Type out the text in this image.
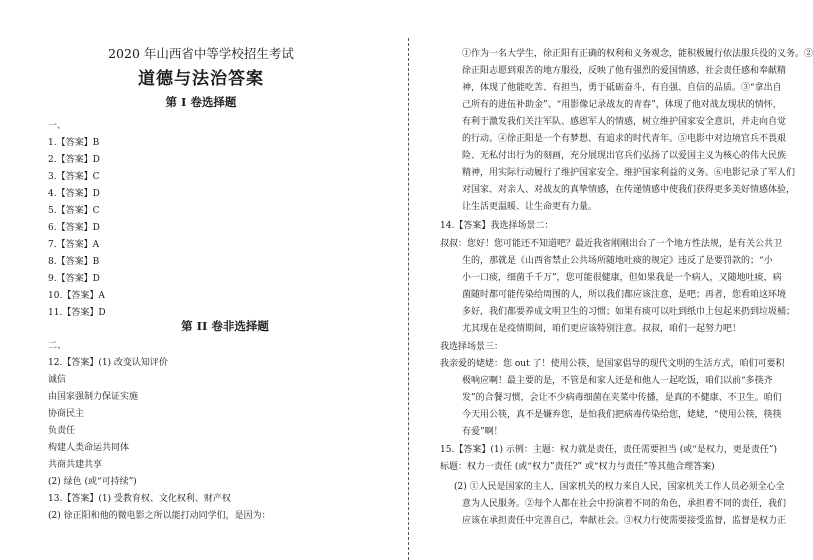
2020 年山西省中等学校招生考试
道德与法治答案
第 I 卷选择题
一、
1.【答案】B
2.【答案】D
3.【答案】C
4.【答案】D
5.【答案】C
6.【答案】D
7.【答案】A
8.【答案】B
9.【答案】D
10.【答案】A
11.【答案】D
第 II 卷非选择题
二、
12.【答案】(1) 改变认知评价
诚信
由国家强制力保证实施
协商民主
负责任
构建人类命运共同体
共商共建共享
(2) 绿色 (或“可持续”)
13.【答案】(1) 受教育权、文化权利、财产权
(2) 徐正阳和他的微电影之所以能打动同学们，是因为：
①作为一名大学生，徐正阳有正确的权利和义务观念，能积极履行依法服兵役的义务。②
徐正阳志愿到艰苦的地方服役，反映了他有强烈的爱国情感、社会责任感和奉献精
神，体现了他能吃苦、有担当，勇于砥砺奋斗，有自强、自信的品质。③“拿出自
己所有的进伍补助金”、“用影像记录战友的青春”，体现了他对战友现状的情怀，
有利于激发我们关注军队、感恩军人的情感，树立维护国家安全意识，并走向自觉
的行动。④徐正阳是一个有梦想、有追求的时代青年。⑤电影中对边境官兵不畏艰
险、无私付出行为的刻画，充分展现出官兵们弘扬了以爱国主义为核心的伟大民族
精神，用实际行动履行了维护国家安全、维护国家利益的义务。⑥电影记录了军人们
对国家、对亲人、对战友的真挚情感，在传递情感中使我们获得更多美好情感体验，
让生活更温暖、让生命更有力量。
14.【答案】我选择场景二：
叔叔：您好！您可能还不知道吧？最近我省刚刚出台了一个地方性法规，是有关公共卫
生的，那就是《山西省禁止公共场所随地吐痰的规定》违反了是要罚款的；“小
小一口痰，细菌千千万”，您可能很健康，但如果我是一个病人，又随地吐痰，病
菌随时都可能传染给周围的人，所以我们都应该注意，是吧；再者，您看咱这环境
多好，我们都要养成文明卫生的习惯；如果有痰可以吐到纸巾上包起来扔到垃圾桶；
尤其现在是疫情期间，咱们更应该特别注意。叔叔，咱们一起努力吧！
我选择场景三：
我亲爱的姥姥：您 out 了！使用公筷，是国家倡导的现代文明的生活方式，咱们可要积
极响应啊！最主要的是，不管是和家人还是和他人一起吃饭，咱们以前“多筷齐
发”的合餐习惯，会让不少病毒细菌在夹菜中传播，是真的不健康、不卫生。咱们
今天用公筷，真不是嫌弃您，是怕我们把病毒传染给您，姥姥，“使用公筷，筷筷
有爱”啊！
15.【答案】(1) 示例：主题：权力就是责任，责任需要担当 (或“是权力，更是责任”)
标题：权力一责任 (或“权力”责任?” 或“权力与责任”等其他合理答案)
(2) ①人民是国家的主人，国家机关的权力来自人民，国家机关工作人员必须全心全
意为人民服务。②每个人都在社会中扮演着不同的角色，承担着不同的责任，我们
应该在承担责任中完善自己，奉献社会。③权力行使需要接受监督，监督是权力正
